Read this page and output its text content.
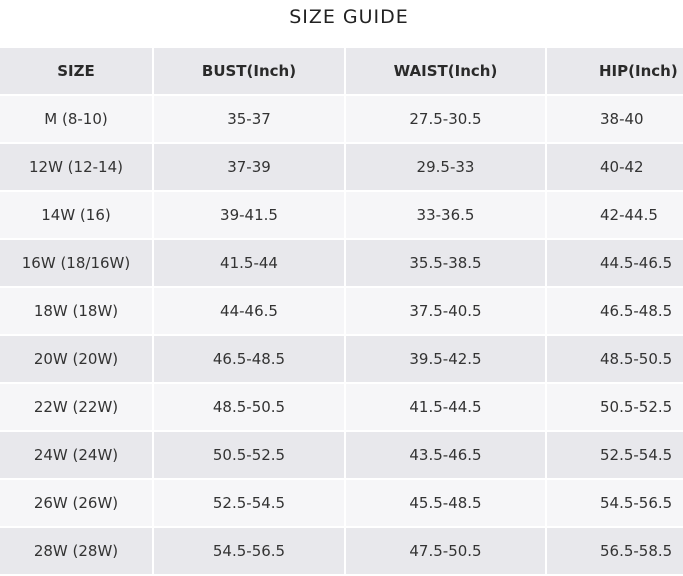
SIZE GUIDE
SIZE	BUST(Inch)	WAIST(Inch)	HIP(Inch)
M (8-10)	35-37	27.5-30.5	38-40
12W (12-14)	37-39	29.5-33	40-42
14W (16)	39-41.5	33-36.5	42-44.5
16W (18/16W)	41.5-44	35.5-38.5	44.5-46.5
18W (18W)	44-46.5	37.5-40.5	46.5-48.5
20W (20W)	46.5-48.5	39.5-42.5	48.5-50.5
22W (22W)	48.5-50.5	41.5-44.5	50.5-52.5
24W (24W)	50.5-52.5	43.5-46.5	52.5-54.5
26W (26W)	52.5-54.5	45.5-48.5	54.5-56.5
28W (28W)	54.5-56.5	47.5-50.5	56.5-58.5
